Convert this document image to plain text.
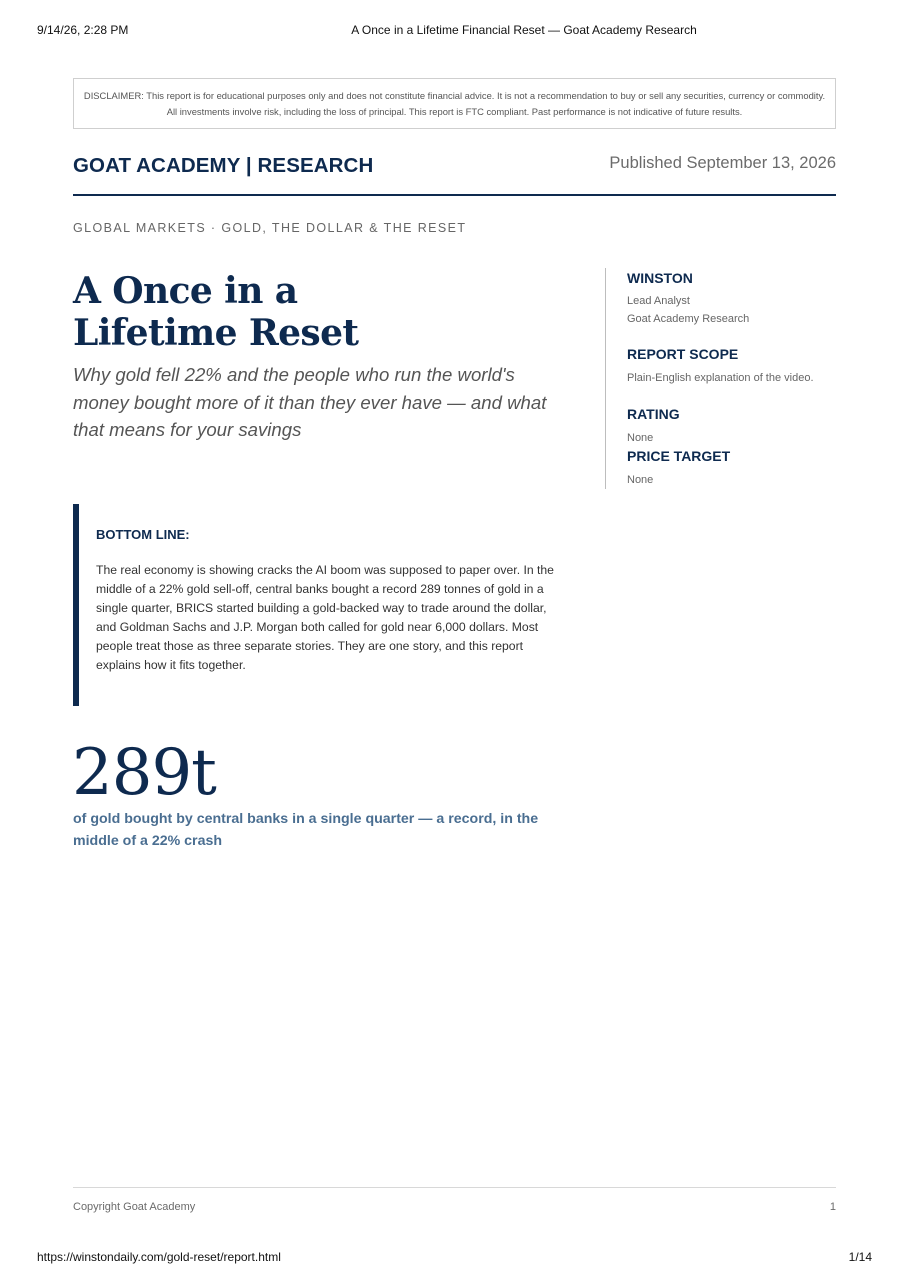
9/14/26, 2:28 PM	A Once in a Lifetime Financial Reset — Goat Academy Research
DISCLAIMER: This report is for educational purposes only and does not constitute financial advice. It is not a recommendation to buy or sell any securities, currency or commodity. All investments involve risk, including the loss of principal. This report is FTC compliant. Past performance is not indicative of future results.
GOAT ACADEMY | RESEARCH	Published September 13, 2026
GLOBAL MARKETS · GOLD, THE DOLLAR & THE RESET
A Once in a
Lifetime Reset
Why gold fell 22% and the people who run the world's money bought more of it than they ever have — and what that means for your savings
WINSTON
Lead Analyst
Goat Academy Research
REPORT SCOPE
Plain-English explanation of the video.
RATING
None
PRICE TARGET
None
BOTTOM LINE:
The real economy is showing cracks the AI boom was supposed to paper over. In the middle of a 22% gold sell-off, central banks bought a record 289 tonnes of gold in a single quarter, BRICS started building a gold-backed way to trade around the dollar, and Goldman Sachs and J.P. Morgan both called for gold near 6,000 dollars. Most people treat those as three separate stories. They are one story, and this report explains how it fits together.
289t
of gold bought by central banks in a single quarter — a record, in the middle of a 22% crash
Copyright Goat Academy	1
https://winstondaily.com/gold-reset/report.html	1/14
